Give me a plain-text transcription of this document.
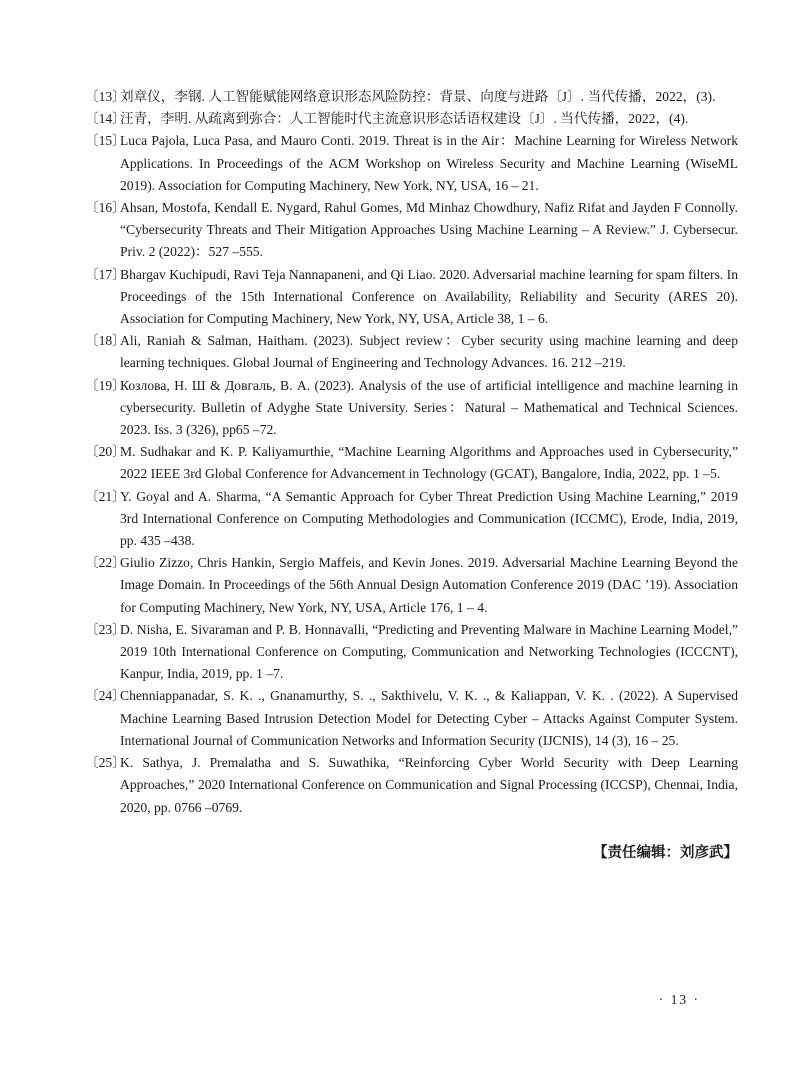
〔13〕刘章仪，李钢. 人工智能赋能网络意识形态风险防控：背景、向度与进路〔J〕. 当代传播，2022，(3).

〔14〕汪青，李明. 从疏离到弥合：人工智能时代主流意识形态话语权建设〔J〕. 当代传播，2022，(4).

〔15〕Luca Pajola, Luca Pasa, and Mauro Conti. 2019. Threat is in the Air：Machine Learning for Wireless Network Applications. In Proceedings of the ACM Workshop on Wireless Security and Machine Learning (WiseML 2019). Association for Computing Machinery, New York, NY, USA, 16 – 21.

〔16〕Ahsan, Mostofa, Kendall E. Nygard, Rahul Gomes, Md Minhaz Chowdhury, Nafiz Rifat and Jayden F Connolly. “Cybersecurity Threats and Their Mitigation Approaches Using Machine Learning – A Review.” J. Cybersecur. Priv. 2 (2022)：527 –555.

〔17〕Bhargav Kuchipudi, Ravi Teja Nannapaneni, and Qi Liao. 2020. Adversarial machine learning for spam filters. In Proceedings of the 15th International Conference on Availability, Reliability and Security (ARES 20). Association for Computing Machinery, New York, NY, USA, Article 38, 1 – 6.

〔18〕Ali, Raniah & Salman, Haitham. (2023). Subject review：Cyber security using machine learning and deep learning techniques. Global Journal of Engineering and Technology Advances. 16. 212 –219.

〔19〕Козлова, Н. Ш & Довгаль, В. А. (2023). Analysis of the use of artificial intelligence and machine learning in cybersecurity. Bulletin of Adyghe State University. Series：Natural – Mathematical and Technical Sciences. 2023. Iss. 3 (326), pp65 –72.

〔20〕M. Sudhakar and K. P. Kaliyamurthie, “Machine Learning Algorithms and Approaches used in Cybersecurity,” 2022 IEEE 3rd Global Conference for Advancement in Technology (GCAT), Bangalore, India, 2022, pp. 1 –5.

〔21〕Y. Goyal and A. Sharma, “A Semantic Approach for Cyber Threat Prediction Using Machine Learning,” 2019 3rd International Conference on Computing Methodologies and Communication (ICCMC), Erode, India, 2019, pp. 435 –438.

〔22〕Giulio Zizzo, Chris Hankin, Sergio Maffeis, and Kevin Jones. 2019. Adversarial Machine Learning Beyond the Image Domain. In Proceedings of the 56th Annual Design Automation Conference 2019 (DAC ’19). Association for Computing Machinery, New York, NY, USA, Article 176, 1 – 4.

〔23〕D. Nisha, E. Sivaraman and P. B. Honnavalli, “Predicting and Preventing Malware in Machine Learning Model,” 2019 10th International Conference on Computing, Communication and Networking Technologies (ICCCNT), Kanpur, India, 2019, pp. 1 –7.

〔24〕Chenniappanadar, S. K. ., Gnanamurthy, S. ., Sakthivelu, V. K. ., & Kaliappan, V. K. . (2022). A Supervised Machine Learning Based Intrusion Detection Model for Detecting Cyber – Attacks Against Computer System. International Journal of Communication Networks and Information Security (IJCNIS), 14 (3), 16 – 25.

〔25〕K. Sathya, J. Premalatha and S. Suwathika, “Reinforcing Cyber World Security with Deep Learning Approaches,” 2020 International Conference on Communication and Signal Processing (ICCSP), Chennai, India, 2020, pp. 0766 –0769.

【责任编辑：刘彦武】
· 13 ·
